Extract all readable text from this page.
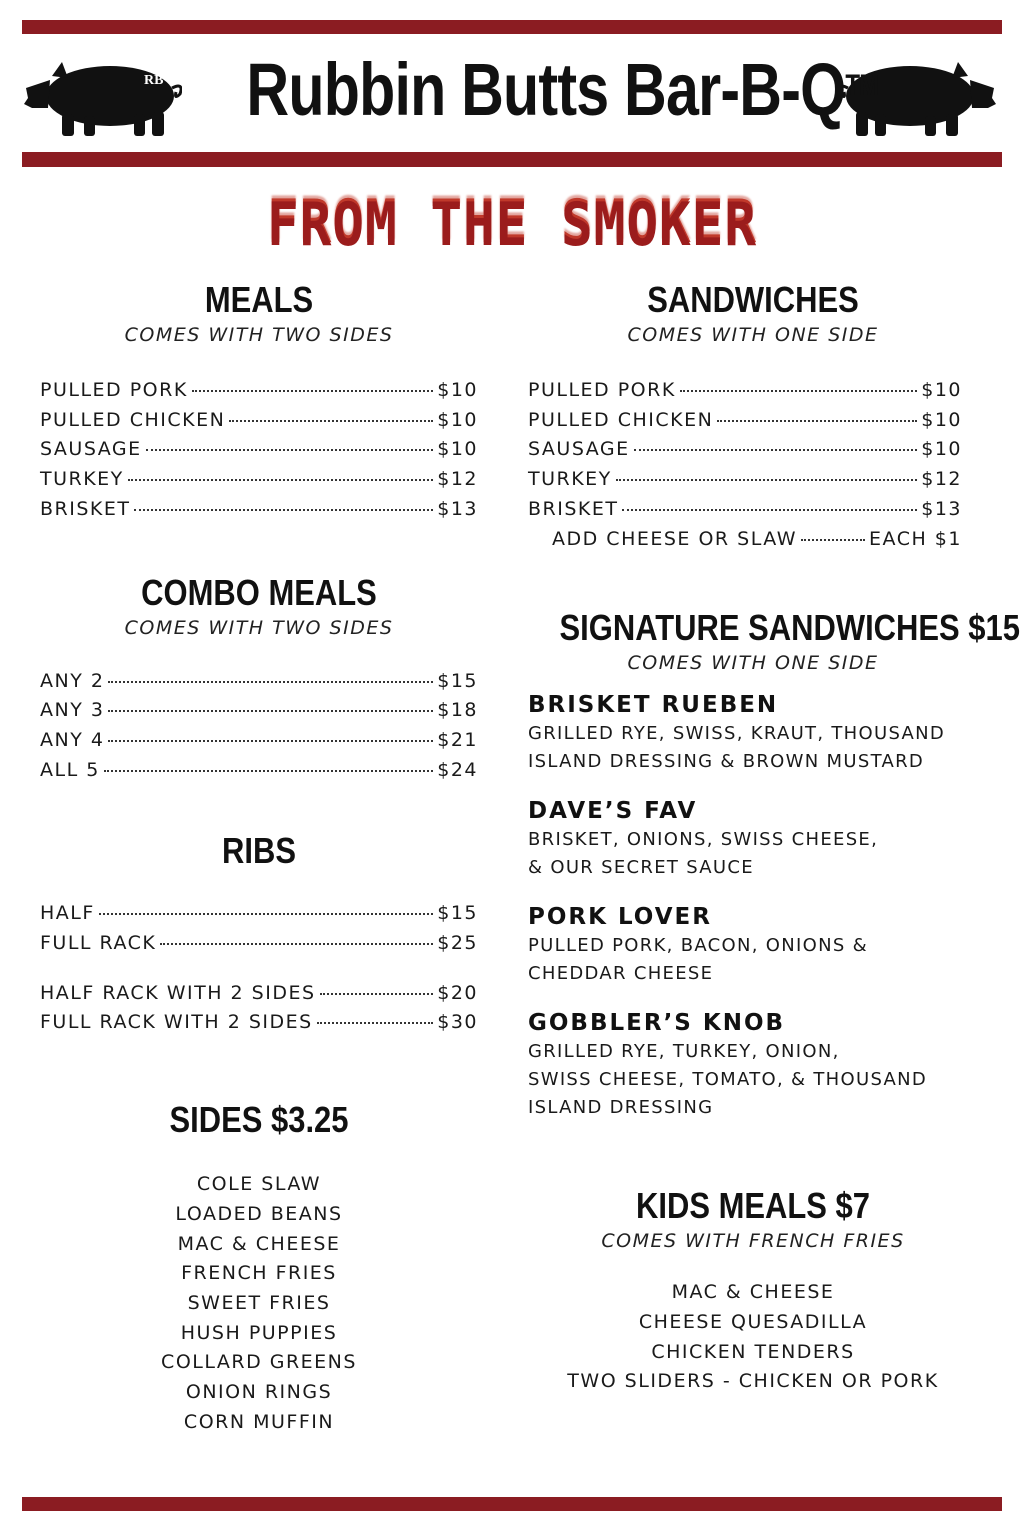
RB Rubbin Butts Bar-B-Q™
FROM THE SMOKER
MEALS
COMES WITH TWO SIDES
PULLED PORK	$10
PULLED CHICKEN	$10
SAUSAGE	$10
TURKEY	$12
BRISKET	$13
COMBO MEALS
COMES WITH TWO SIDES
ANY 2	$15
ANY 3	$18
ANY 4	$21
ALL 5	$24
RIBS
HALF	$15
FULL RACK	$25
HALF RACK WITH 2 SIDES	$20
FULL RACK WITH 2 SIDES	$30
SIDES $3.25
COLE SLAW
LOADED BEANS
MAC & CHEESE
FRENCH FRIES
SWEET FRIES
HUSH PUPPIES
COLLARD GREENS
ONION RINGS
CORN MUFFIN
SANDWICHES
COMES WITH ONE SIDE
PULLED PORK	$10
PULLED CHICKEN	$10
SAUSAGE	$10
TURKEY	$12
BRISKET	$13
ADD CHEESE OR SLAW	EACH $1
SIGNATURE SANDWICHES $15
COMES WITH ONE SIDE
BRISKET RUEBEN
GRILLED RYE, SWISS, KRAUT, THOUSAND
ISLAND DRESSING & BROWN MUSTARD
DAVE’S FAV
BRISKET, ONIONS, SWISS CHEESE,
& OUR SECRET SAUCE
PORK LOVER
PULLED PORK, BACON, ONIONS &
CHEDDAR CHEESE
GOBBLER’S KNOB
GRILLED RYE, TURKEY, ONION,
SWISS CHEESE, TOMATO, & THOUSAND
ISLAND DRESSING
KIDS MEALS $7
COMES WITH FRENCH FRIES
MAC & CHEESE
CHEESE QUESADILLA
CHICKEN TENDERS
TWO SLIDERS - CHICKEN OR PORK
